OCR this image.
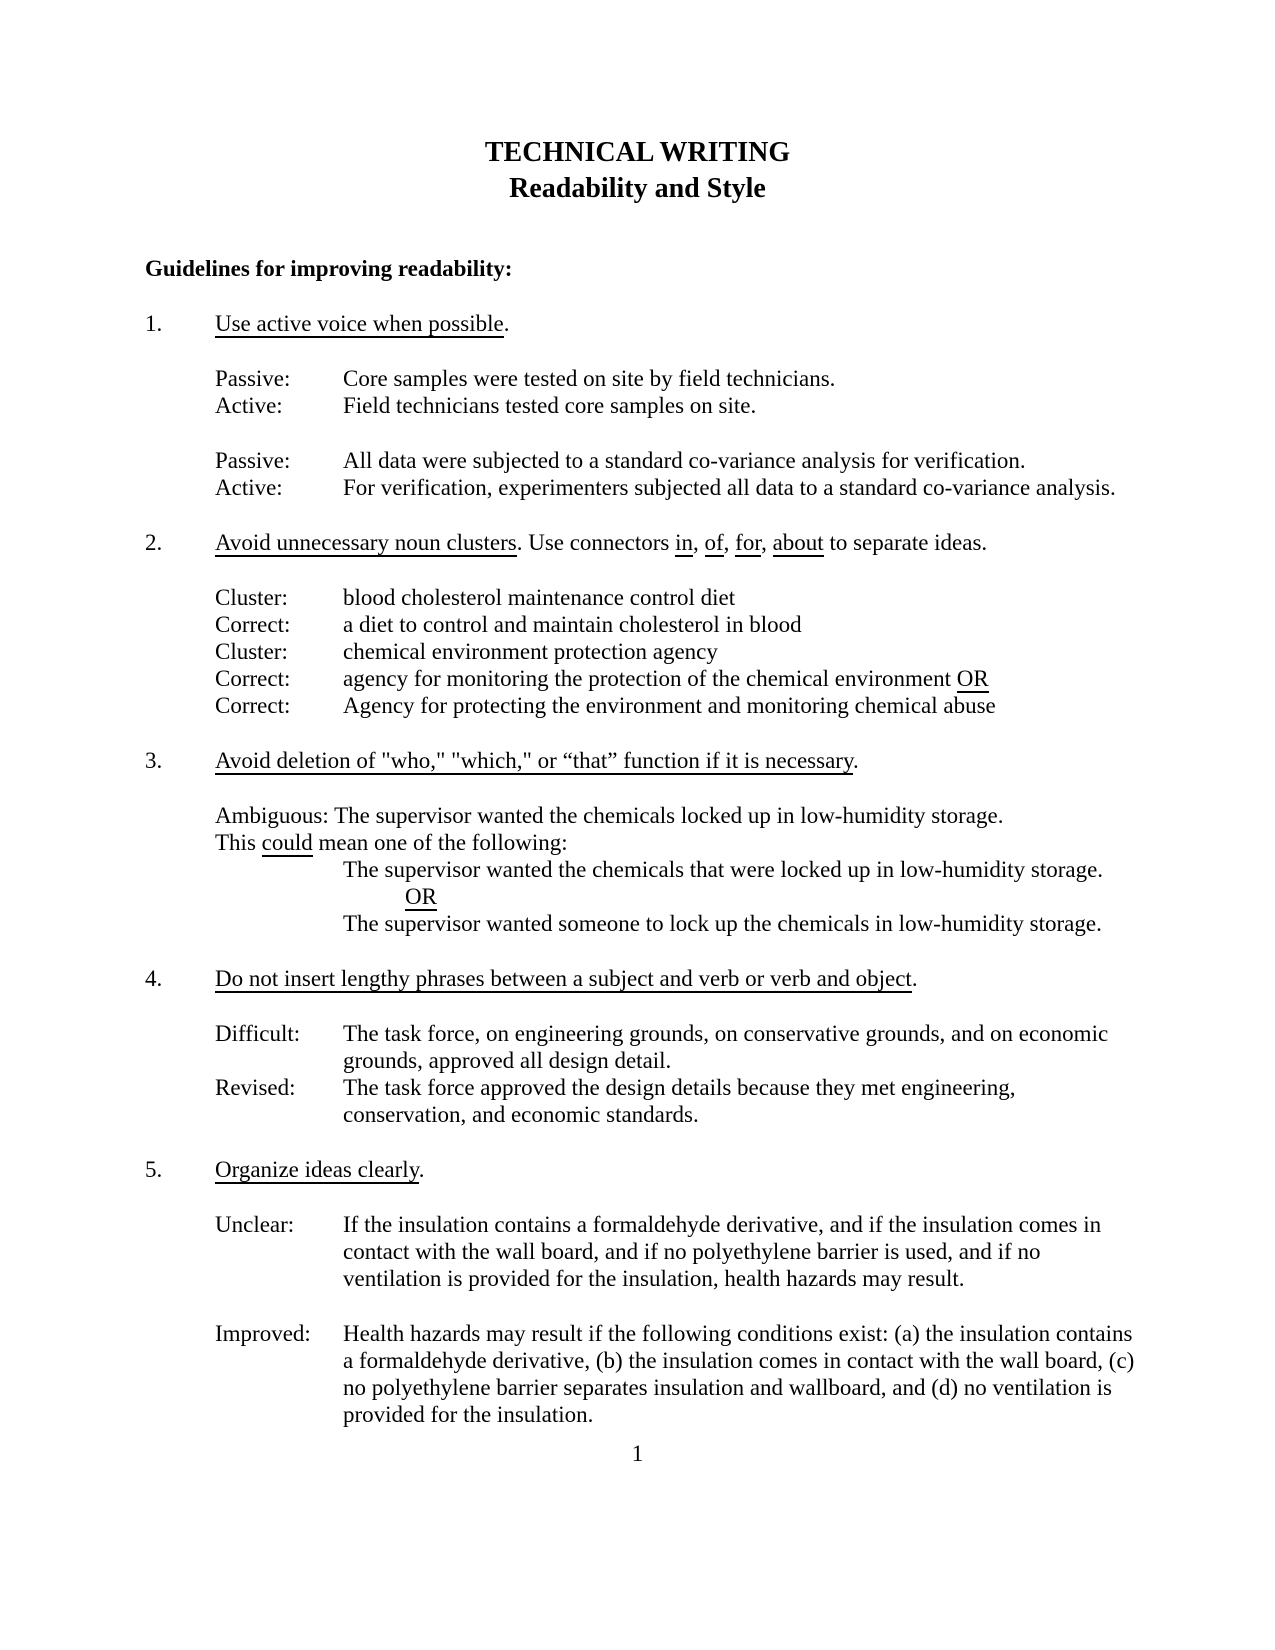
TECHNICAL WRITING
Readability and Style
Guidelines for improving readability:
1.	Use active voice when possible.
Passive:	Core samples were tested on site by field technicians.
Active:	Field technicians tested core samples on site.
Passive:	All data were subjected to a standard co-variance analysis for verification.
Active:	For verification, experimenters subjected all data to a standard co-variance analysis.
2.	Avoid unnecessary noun clusters. Use connectors in, of, for, about to separate ideas.
Cluster:	blood cholesterol maintenance control diet
Correct:	a diet to control and maintain cholesterol in blood
Cluster:	chemical environment protection agency
Correct:	agency for monitoring the protection of the chemical environment OR
Correct:	Agency for protecting the environment and monitoring chemical abuse
3.	Avoid deletion of "who," "which," or “that” function if it is necessary.
Ambiguous: The supervisor wanted the chemicals locked up in low-humidity storage.
This could mean one of the following:
The supervisor wanted the chemicals that were locked up in low-humidity storage.
OR
The supervisor wanted someone to lock up the chemicals in low-humidity storage.
4.	Do not insert lengthy phrases between a subject and verb or verb and object.
Difficult:	The task force, on engineering grounds, on conservative grounds, and on economic grounds, approved all design detail.
Revised:	The task force approved the design details because they met engineering, conservation, and economic standards.
5.	Organize ideas clearly.
Unclear:	If the insulation contains a formaldehyde derivative, and if the insulation comes in contact with the wall board, and if no polyethylene barrier is used, and if no ventilation is provided for the insulation, health hazards may result.
Improved:	Health hazards may result if the following conditions exist: (a) the insulation contains a formaldehyde derivative, (b) the insulation comes in contact with the wall board, (c) no polyethylene barrier separates insulation and wallboard, and (d) no ventilation is provided for the insulation.
1
